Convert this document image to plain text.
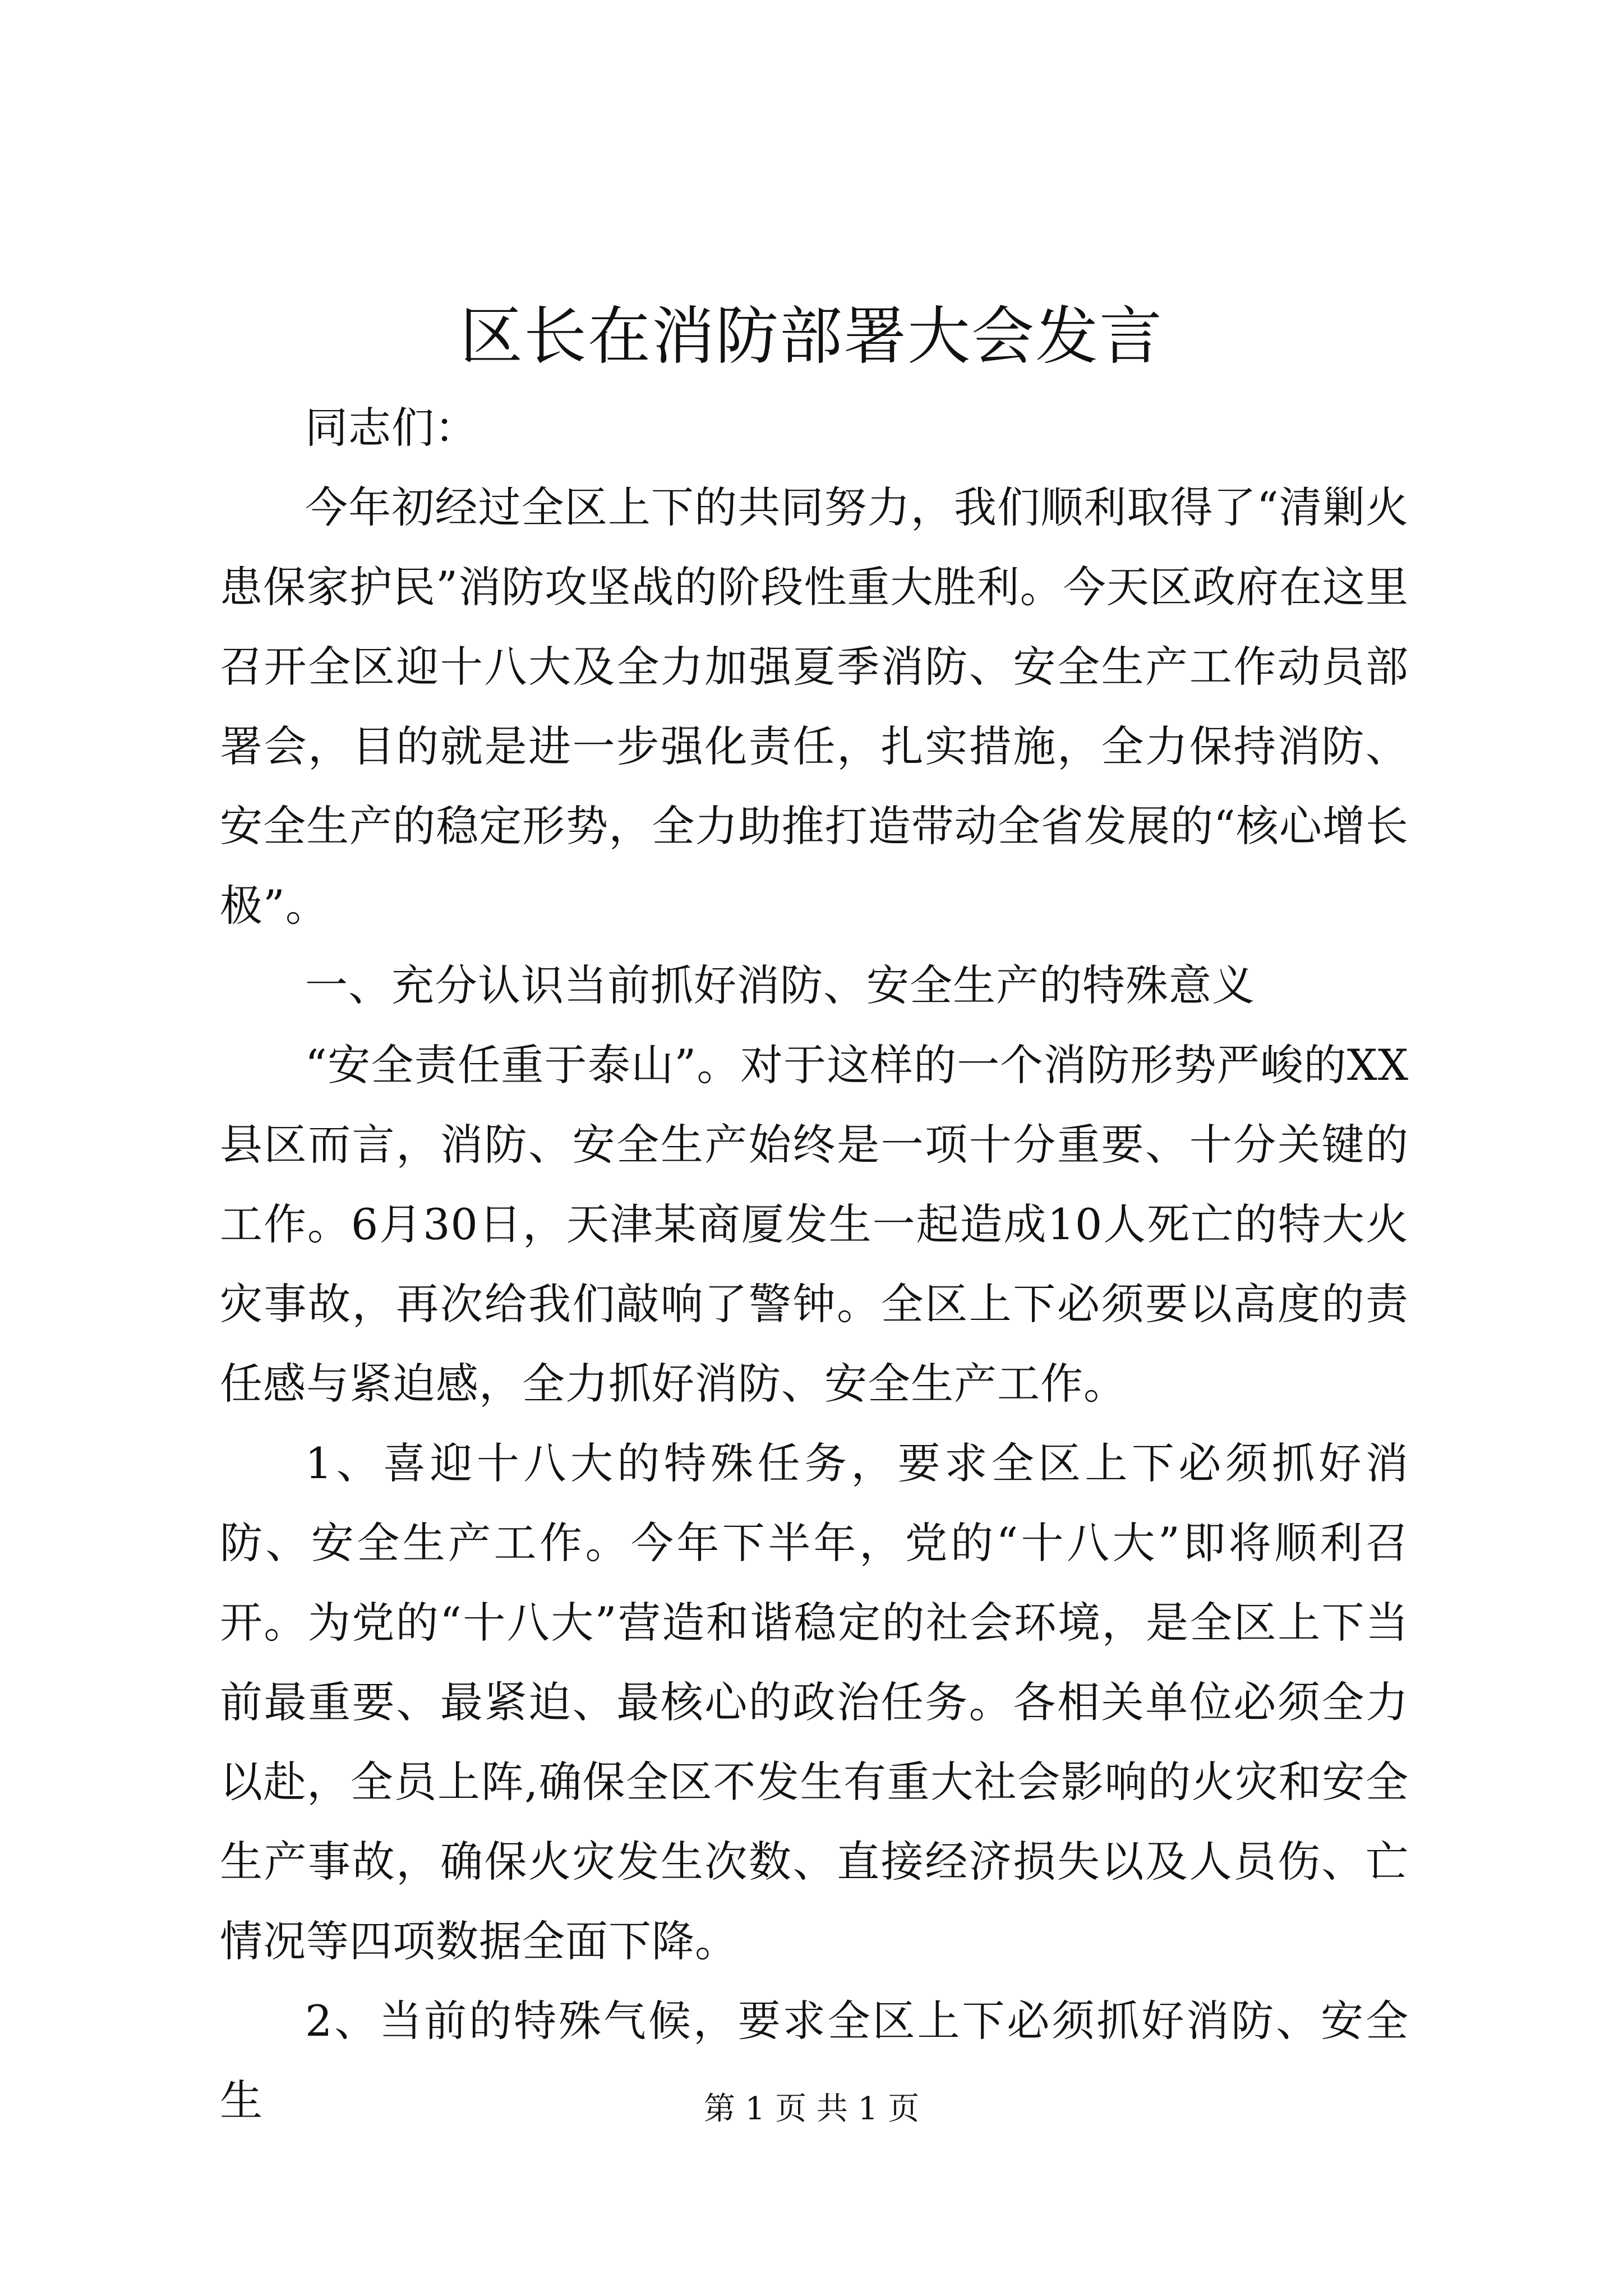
区长在消防部署大会发言

同志们：

今年初经过全区上下的共同努力，我们顺利取得了“清剿火患保家护民”消防攻坚战的阶段性重大胜利。今天区政府在这里召开全区迎十八大及全力加强夏季消防、安全生产工作动员部署会，目的就是进一步强化责任，扎实措施，全力保持消防、安全生产的稳定形势，全力助推打造带动全省发展的“核心增长极”。

一、充分认识当前抓好消防、安全生产的特殊意义

“安全责任重于泰山”。对于这样的一个消防形势严峻的XX县区而言，消防、安全生产始终是一项十分重要、十分关键的工作。6月30日，天津某商厦发生一起造成10人死亡的特大火灾事故，再次给我们敲响了警钟。全区上下必须要以高度的责任感与紧迫感，全力抓好消防、安全生产工作。

1、喜迎十八大的特殊任务，要求全区上下必须抓好消防、安全生产工作。今年下半年，党的“十八大”即将顺利召开。为党的“十八大”营造和谐稳定的社会环境，是全区上下当前最重要、最紧迫、最核心的政治任务。各相关单位必须全力以赴，全员上阵,确保全区不发生有重大社会影响的火灾和安全生产事故，确保火灾发生次数、直接经济损失以及人员伤、亡情况等四项数据全面下降。

2、当前的特殊气候，要求全区上下必须抓好消防、安全生	第 1 页 共 1 页
